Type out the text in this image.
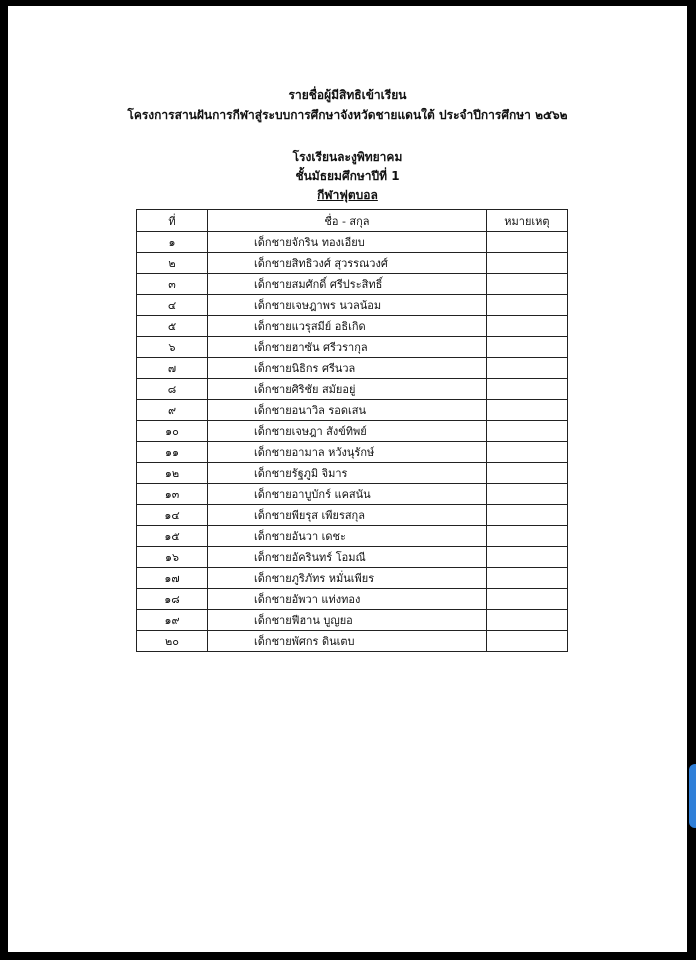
รายชื่อผู้มีสิทธิเข้าเรียน
โครงการสานฝันการกีฬาสู่ระบบการศึกษาจังหวัดชายแดนใต้ ประจำปีการศึกษา ๒๕๖๒
โรงเรียนละงูพิทยาคม
ชั้นมัธยมศึกษาปีที่ 1
กีฬาฟุตบอล
ที่	ชื่อ - สกุล	หมายเหตุ
๑	เด็กชายจักริน ทองเอียบ	
๒	เด็กชายสิทธิวงศ์ สุวรรณวงศ์	
๓	เด็กชายสมศักดิ์ ศรีประสิทธิ์	
๔	เด็กชายเจษฎาพร นวลน้อม	
๕	เด็กชายแวรุสมีย์ อธิเกิด	
๖	เด็กชายฮาซัน ศรีวรากุล	
๗	เด็กชายนิธิกร ศรีนวล	
๘	เด็กชายศิริชัย สมัยอยู่	
๙	เด็กชายอนาวิล รอดเสน	
๑๐	เด็กชายเจษฎา สังข์ทิพย์	
๑๑	เด็กชายอามาล หวังนุรักษ์	
๑๒	เด็กชายรัฐภูมิ จิมาร	
๑๓	เด็กชายอาบูบักร์ แคสนัน	
๑๔	เด็กชายพียรุส เพียรสกุล	
๑๕	เด็กชายอันวา เดชะ	
๑๖	เด็กชายอัครินทร์ โอมณี	
๑๗	เด็กชายภูริภัทร หมั่นเพียร	
๑๘	เด็กชายอัพวา แท่งทอง	
๑๙	เด็กชายฟีฮาน บูญยอ	
๒๐	เด็กชายพัศกร ดินเตบ	
